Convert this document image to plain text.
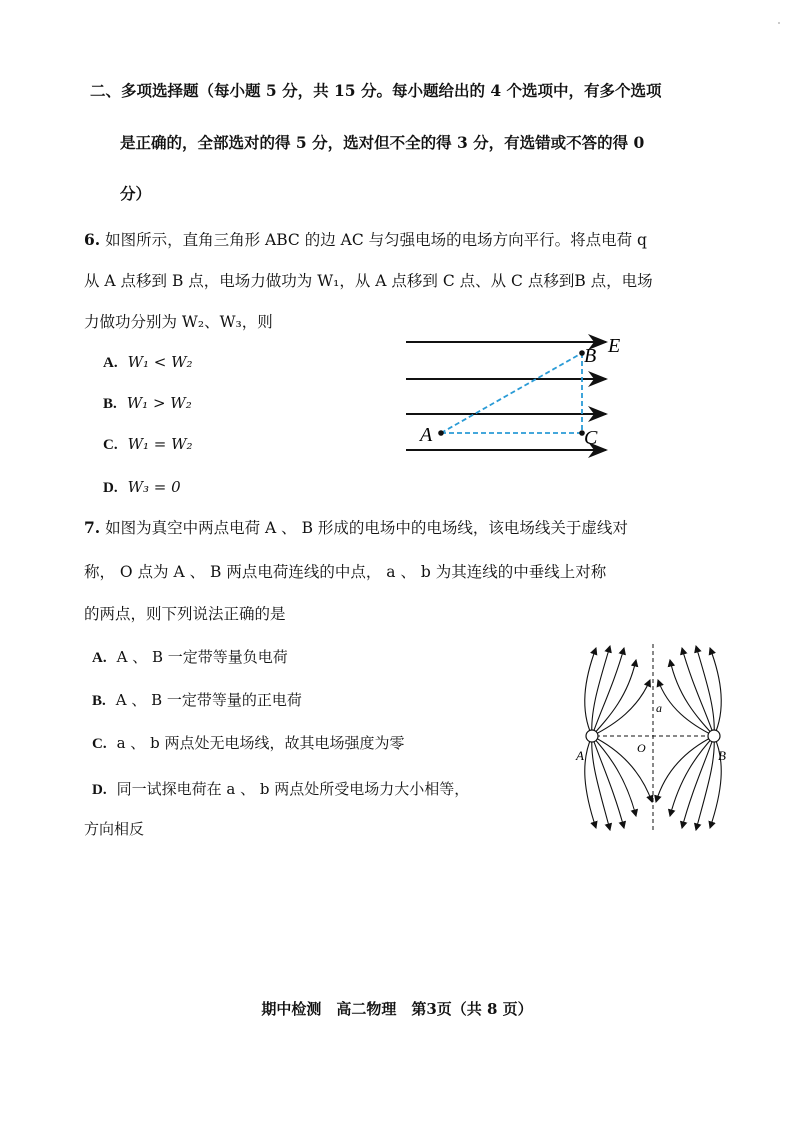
二、多项选择题（每小题 5 分，共 15 分。每小题给出的 4 个选项中，有多个选项
是正确的，全部选对的得 5 分，选对但不全的得 3 分，有选错或不答的得 0
分）
6. 如图所示，直角三角形 ABC 的边 AC 与匀强电场的电场方向平行。将点电荷 q
从 A 点移到 B 点，电场力做功为 W₁，从 A 点移到 C 点、从 C 点移到B 点，电场
力做功分别为 W₂、W₃，则
A. W₁ < W₂
B. W₁ > W₂
C. W₁ = W₂
D. W₃ = 0
A
B
C
E
7. 如图为真空中两点电荷 A 、 B 形成的电场中的电场线，该电场线关于虚线对
称， O 点为 A 、 B 两点电荷连线的中点， a 、 b 为其连线的中垂线上对称
的两点，则下列说法正确的是
A. A 、 B 一定带等量负电荷
B. A 、 B 一定带等量的正电荷
C. a 、 b 两点处无电场线，故其电场强度为零
D. 同一试探电荷在 a 、 b 两点处所受电场力大小相等，
方向相反
A	B
O
a
期中检测　高二物理　第3页（共 8 页）
